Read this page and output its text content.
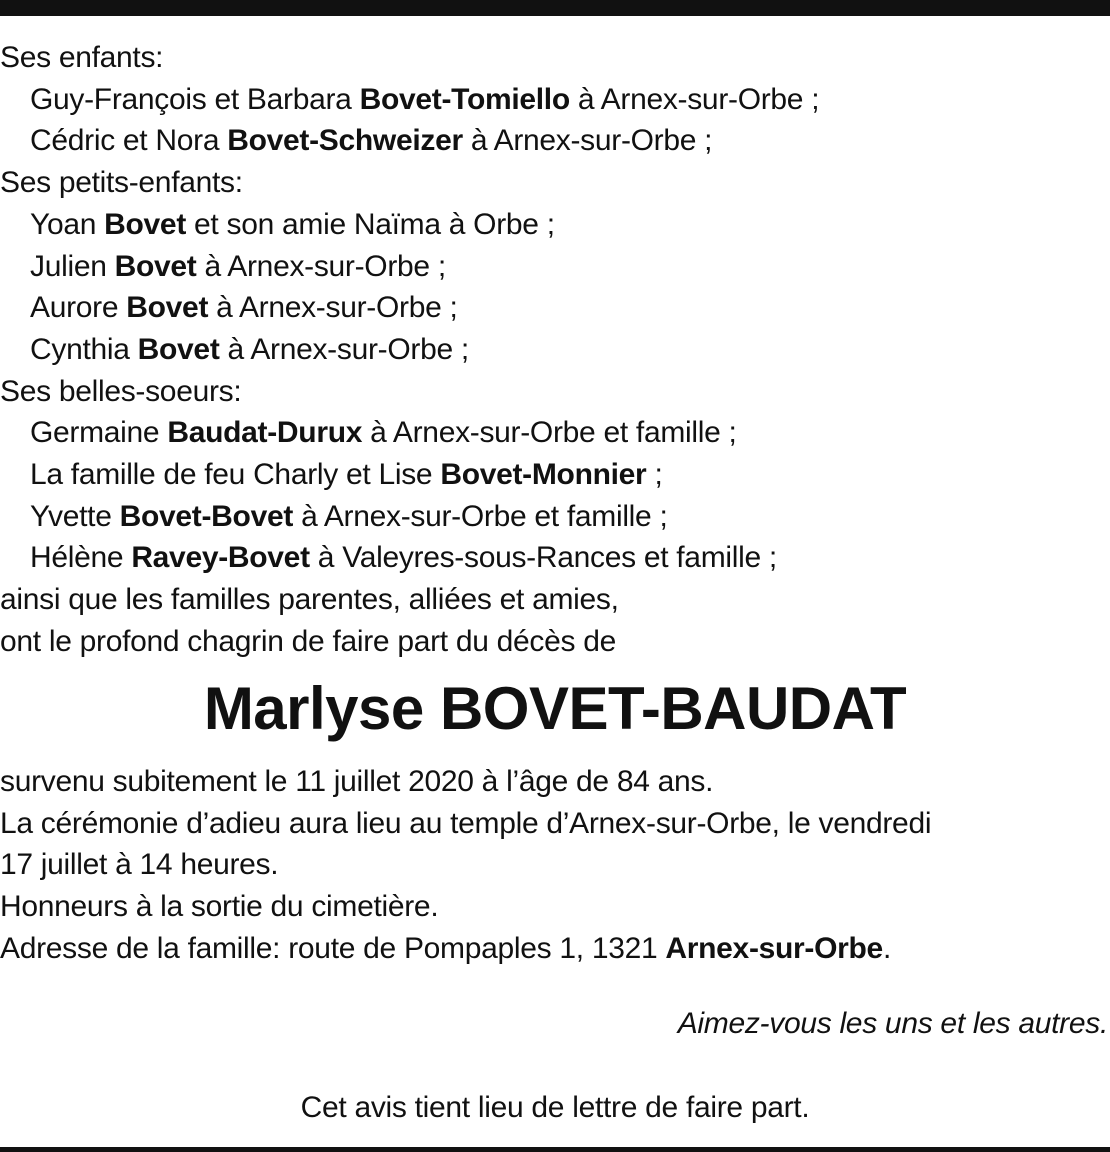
Ses enfants:
Guy-François et Barbara Bovet-Tomiello à Arnex-sur-Orbe ;
Cédric et Nora Bovet-Schweizer à Arnex-sur-Orbe ;
Ses petits-enfants:
Yoan Bovet et son amie Naïma à Orbe ;
Julien Bovet à Arnex-sur-Orbe ;
Aurore Bovet à Arnex-sur-Orbe ;
Cynthia Bovet à Arnex-sur-Orbe ;
Ses belles-soeurs:
Germaine Baudat-Durux à Arnex-sur-Orbe et famille ;
La famille de feu Charly et Lise Bovet-Monnier ;
Yvette Bovet-Bovet à Arnex-sur-Orbe et famille ;
Hélène Ravey-Bovet à Valeyres-sous-Rances et famille ;
ainsi que les familles parentes, alliées et amies,
ont le profond chagrin de faire part du décès de
Marlyse BOVET-BAUDAT
survenu subitement le 11 juillet 2020 à l’âge de 84 ans.
La cérémonie d’adieu aura lieu au temple d’Arnex-sur-Orbe, le vendredi
17 juillet à 14 heures.
Honneurs à la sortie du cimetière.
Adresse de la famille: route de Pompaples 1, 1321 Arnex-sur-Orbe.
Aimez-vous les uns et les autres.
Cet avis tient lieu de lettre de faire part.
